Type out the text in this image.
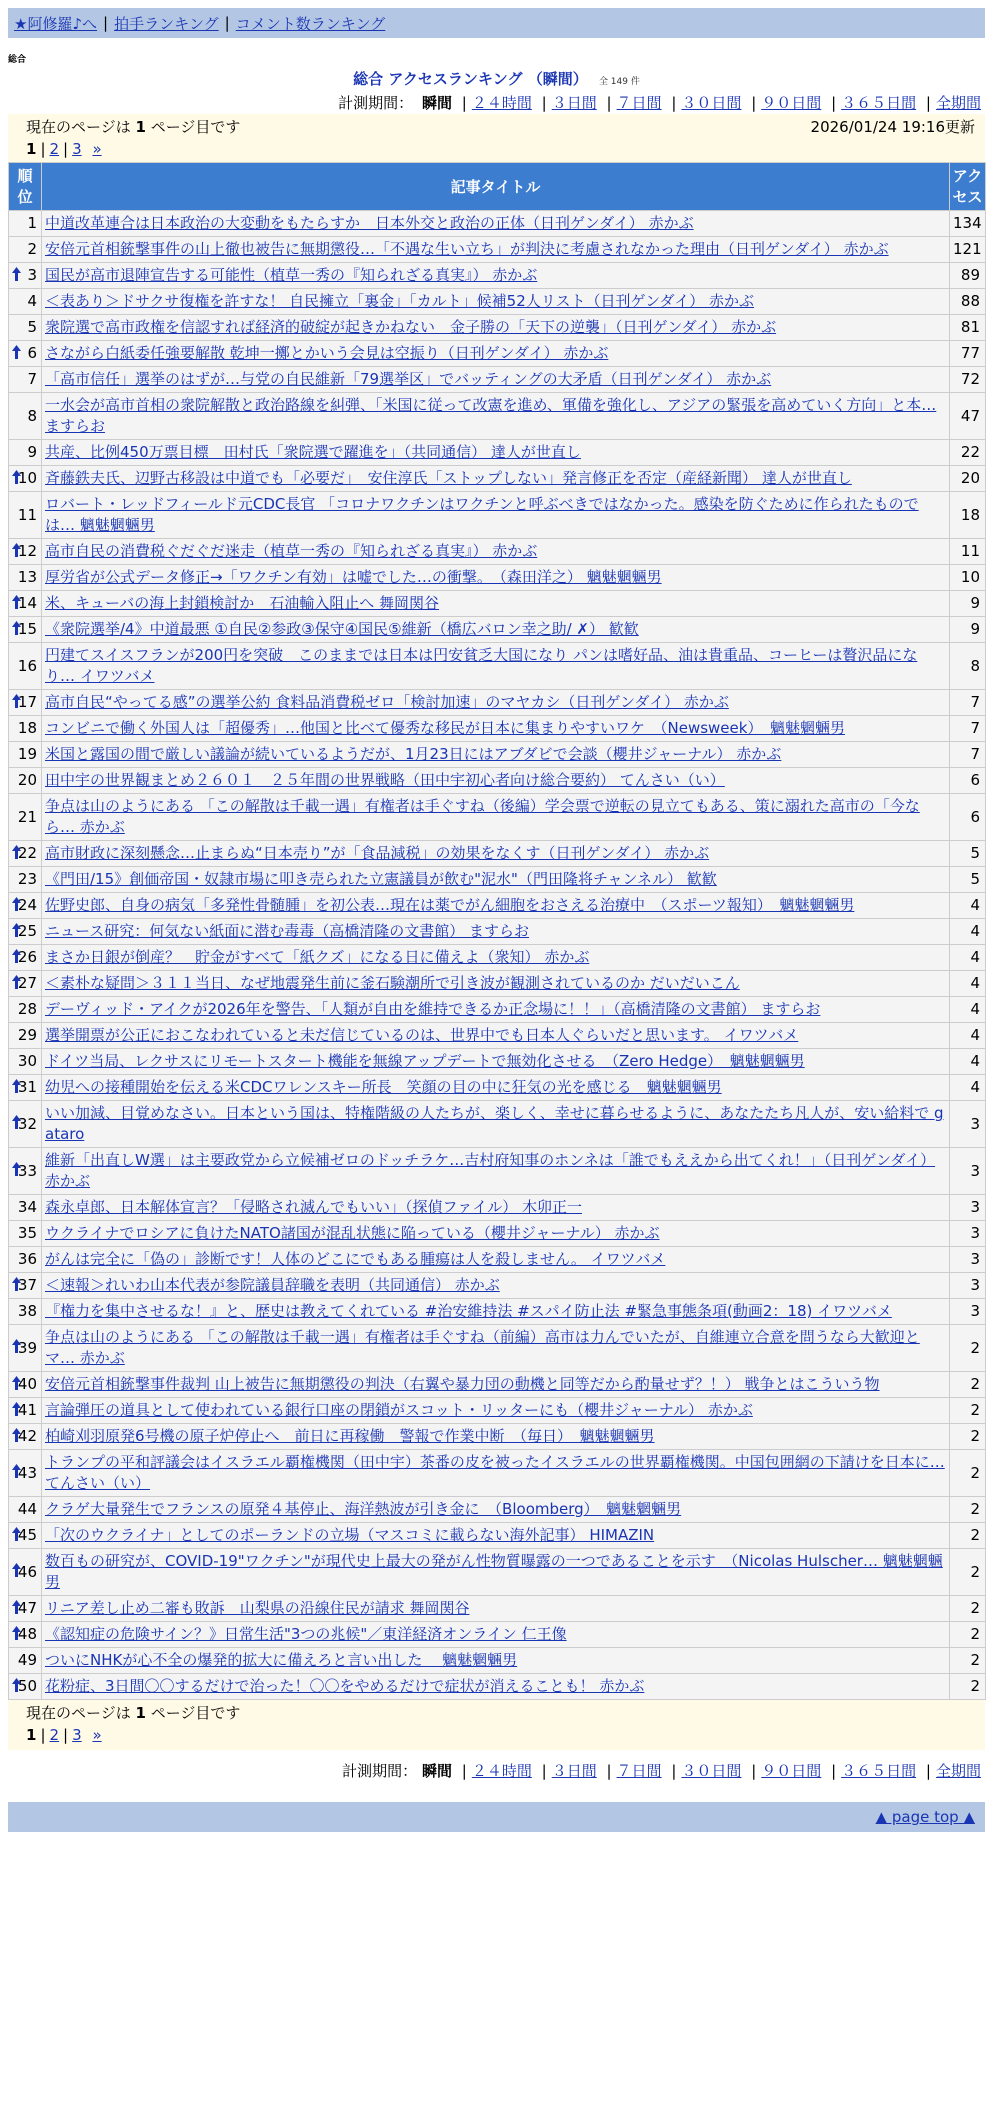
★阿修羅♪へ | 拍手ランキング | コメント数ランキング
総合
総合 アクセスランキング （瞬間） 全 149 件
計測期間： 瞬間 | ２４時間 | ３日間 | ７日間 | ３０日間 | ９０日間 | ３６５日間 | 全期間
現在のページは 1 ページ目です	2026/01/24 19:16更新
1 | 2 | 3 »
順位	記事タイトル	アクセス
1	中道改革連合は日本政治の大変動をもたらすか　日本外交と政治の正体（日刊ゲンダイ） 赤かぶ	134
2	安倍元首相銃撃事件の山上徹也被告に無期懲役…「不遇な生い立ち」が判決に考慮されなかった理由（日刊ゲンダイ） 赤かぶ	121

3	国民が高市退陣宣告する可能性（植草一秀の『知られざる真実』） 赤かぶ	89
4	＜表あり＞ドサクサ復権を許すな！ 自民擁立「裏金」「カルト」候補52人リスト（日刊ゲンダイ） 赤かぶ	88
5	衆院選で高市政権を信認すれば経済的破綻が起きかねない　金子勝の「天下の逆襲」（日刊ゲンダイ） 赤かぶ	81

6	さながら白紙委任強要解散 乾坤一擲とかいう会見は空振り（日刊ゲンダイ） 赤かぶ	77
7	「高市信任」選挙のはずが…与党の自民維新「79選挙区」でバッティングの大矛盾（日刊ゲンダイ） 赤かぶ	72
8	一水会が高市首相の衆院解散と政治路線を糾弾、「米国に従って改憲を進め、軍備を強化し、アジアの緊張を高めていく方向」と本… ますらお	47
9	共産、比例450万票目標　田村氏「衆院選で躍進を」（共同通信） 達人が世直し	22

10	斉藤鉄夫氏、辺野古移設は中道でも「必要だ」　安住淳氏「ストップしない」発言修正を否定（産経新聞） 達人が世直し	20
11	ロバート・レッドフィールド元CDC長官 「コロナワクチンはワクチンと呼ぶべきではなかった。感染を防ぐために作られたものでは… 魑魅魍魎男	18

12	高市自民の消費税ぐだぐだ迷走（植草一秀の『知られざる真実』） 赤かぶ	11
13	厚労省が公式データ修正→「ワクチン有効」は嘘でした…の衝撃。　（森田洋之） 魑魅魍魎男	10

14	米、キューバの海上封鎖検討か　石油輸入阻止へ 舞岡関谷	9

15	《衆院選挙/4》中道最悪 ①自民②参政③保守④国民⑤維新（橋広バロン幸之助/ ✗） 歓歓	9
16	円建てスイスフランが200円を突破　このままでは日本は円安貧乏大国になり パンは嗜好品、油は貴重品、コーヒーは贅沢品になり… イワツバメ	8

17	高市自民“やってる感”の選挙公約 食料品消費税ゼロ「検討加速」のマヤカシ（日刊ゲンダイ） 赤かぶ	7
18	コンビニで働く外国人は「超優秀」…他国と比べて優秀な移民が日本に集まりやすいワケ　（Newsweek）　魑魅魍魎男	7
19	米国と露国の間で厳しい議論が続いているようだが、1月23日にはアブダビで会談（櫻井ジャーナル） 赤かぶ	7
20	田中宇の世界観まとめ２６０１　２５年間の世界戦略（田中宇初心者向け総合要約） てんさい（い）	6
21	争点は山のようにある 「この解散は千載一遇」有権者は手ぐすね（後編）学会票で逆転の見立てもある、策に溺れた高市の「今なら… 赤かぶ	6

22	高市財政に深刻懸念…止まらぬ“日本売り”が「食品減税」の効果をなくす（日刊ゲンダイ） 赤かぶ	5
23	《門田/15》創価帝国・奴隷市場に叩き売られた立憲議員が飲む"泥水"（門田隆将チャンネル） 歓歓	5

24	佐野史郎、自身の病気「多発性骨髄腫」を初公表…現在は薬でがん細胞をおさえる治療中　（スポーツ報知）　魑魅魍魎男	4

25	ニュース研究：何気ない紙面に潜む毒毒（高橋清隆の文書館） ますらお	4

26	まさか日銀が倒産？　貯金がすべて「紙クズ」になる日に備えよ（衆知） 赤かぶ	4

27	＜素朴な疑問＞３１１当日、なぜ地震発生前に釜石験潮所で引き波が観測されているのか だいだいこん	4
28	デーヴィッド・アイクが2026年を警告、「人類が自由を維持できるか正念場に！！」（高橋清隆の文書館） ますらお	4
29	選挙開票が公正におこなわれていると未だ信じているのは、世界中でも日本人ぐらいだと思います。 イワツバメ	4
30	ドイツ当局、レクサスにリモートスタート機能を無線アップデートで無効化させる　（Zero Hedge）　魑魅魍魎男	4

31	幼児への接種開始を伝える米CDCワレンスキー所長　笑顔の目の中に狂気の光を感じる　魑魅魍魎男	4

32	いい加減、目覚めなさい。日本という国は、特権階級の人たちが、楽しく、幸せに暮らせるように、あなたたち凡人が、安い給料で gataro	3

33	維新「出直しW選」は主要政党から立候補ゼロのドッチラケ…吉村府知事のホンネは「誰でもええから出てくれ！」（日刊ゲンダイ） 赤かぶ	3
34	森永卓郎、日本解体宣言？「侵略され滅んでもいい」（探偵ファイル） 木卯正一	3
35	ウクライナでロシアに負けたNATO諸国が混乱状態に陥っている（櫻井ジャーナル） 赤かぶ	3
36	がんは完全に「偽の」診断です！人体のどこにでもある腫瘍は人を殺しません。 イワツバメ	3

37	＜速報＞れいわ山本代表が参院議員辞職を表明（共同通信） 赤かぶ	3
38	『権力を集中させるな！』と、歴史は教えてくれている #治安維持法 #スパイ防止法 #緊急事態条項(動画2：18) イワツバメ	3

39	争点は山のようにある 「この解散は千載一遇」有権者は手ぐすね（前編）高市は力んでいたが、自維連立合意を問うなら大歓迎とマ… 赤かぶ	2

40	安倍元首相銃撃事件裁判 山上被告に無期懲役の判決（右翼や暴力団の動機と同等だから酌量せず？！） 戦争とはこういう物	2

41	言論弾圧の道具として使われている銀行口座の閉鎖がスコット・リッターにも（櫻井ジャーナル） 赤かぶ	2

42	柏崎刈羽原発6号機の原子炉停止へ　前日に再稼働　警報で作業中断　（毎日）　魑魅魍魎男	2

43	トランプの平和評議会はイスラエル覇権機関（田中宇）茶番の皮を被ったイスラエルの世界覇権機関。中国包囲網の下請けを日本に… てんさい（い）	2
44	クラゲ大量発生でフランスの原発４基停止、海洋熱波が引き金に　（Bloomberg）　魑魅魍魎男	2

45	「次のウクライナ」としてのポーランドの立場（マスコミに載らない海外記事） HIMAZIN	2

46	数百もの研究が、COVID-19"ワクチン"が現代史上最大の発がん性物質曝露の一つであることを示す　（Nicolas Hulscher… 魑魅魍魎男	2

47	リニア差し止め二審も敗訴　山梨県の沿線住民が請求 舞岡関谷	2

48	《認知症の危険サイン？》日常生活"3つの兆候"／東洋経済オンライン 仁王像	2
49	ついにNHKが心不全の爆発的拡大に備えろと言い出した　 魑魅魍魎男	2

50	花粉症、3日間〇〇するだけで治った！〇〇をやめるだけで症状が消えることも！ 赤かぶ	2
現在のページは 1 ページ目です
1 | 2 | 3 »
計測期間： 瞬間 | ２４時間 | ３日間 | ７日間 | ３０日間 | ９０日間 | ３６５日間 | 全期間
▲ page top ▲
